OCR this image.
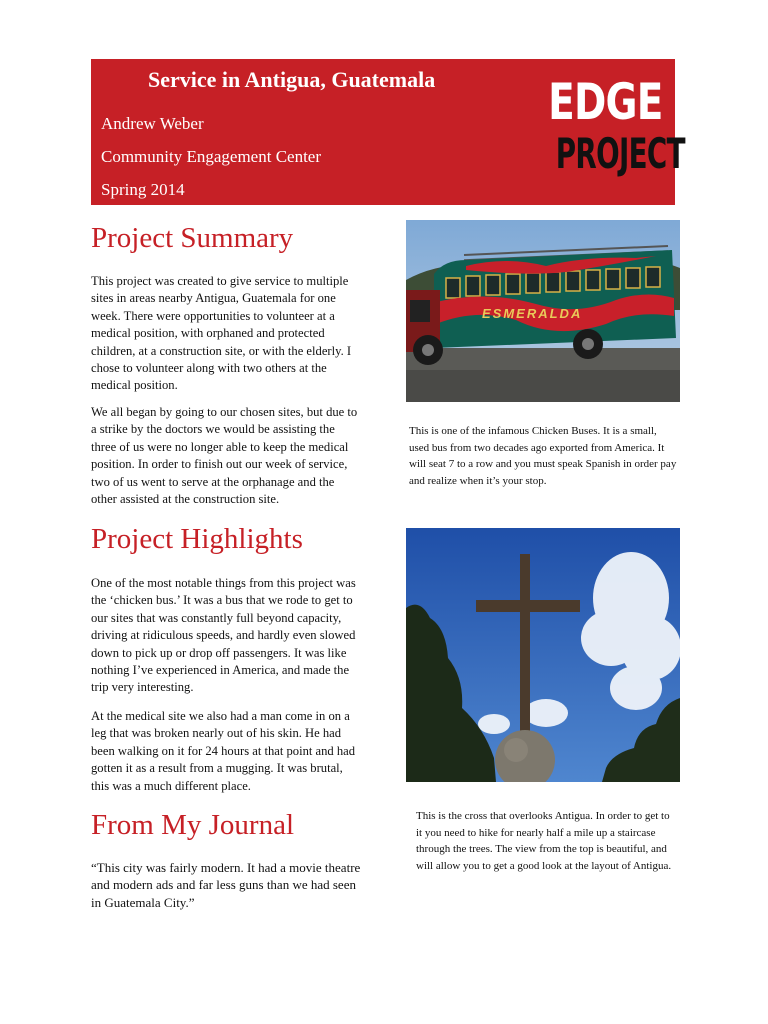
Service in Antigua, Guatemala
Andrew Weber
Community Engagement Center
Spring 2014
EDGE
PROJECT
Project Summary

This project was created to give service to multiple sites in areas nearby Antigua, Guatemala for one week. There were opportunities to volunteer at a medical position, with orphaned and protected children, at a construction site, or with the elderly. I chose to volunteer along with two others at the medical position.

We all began by going to our chosen sites, but due to a strike by the doctors we would be assisting the three of us were no longer able to keep the medical position. In order to finish out our week of service, two of us went to serve at the orphanage and the other assisted at the construction site.

Project Highlights

One of the most notable things from this project was the ‘chicken bus.’ It was a bus that we rode to get to our sites that was constantly full beyond capacity, driving at ridiculous speeds, and hardly even slowed down to pick up or drop off passengers. It was like nothing I’ve experienced in America, and made the trip very interesting.

At the medical site we also had a man come in on a leg that was broken nearly out of his skin. He had been walking on it for 24 hours at that point and had gotten it as a result from a mugging. It was brutal, this was a much different place.

From My Journal

“This city was fairly modern. It had a movie theatre and modern ads and far less guns than we had seen in Guatemala City.”

ESMERALDA

This is one of the infamous Chicken Buses. It is a small, used bus from two decades ago exported from America. It will seat 7 to a row and you must speak Spanish in order pay and realize when it’s your stop.

This is the cross that overlooks Antigua. In order to get to it you need to hike for nearly half a mile up a staircase through the trees. The view from the top is beautiful, and will allow you to get a good look at the layout of Antigua.
